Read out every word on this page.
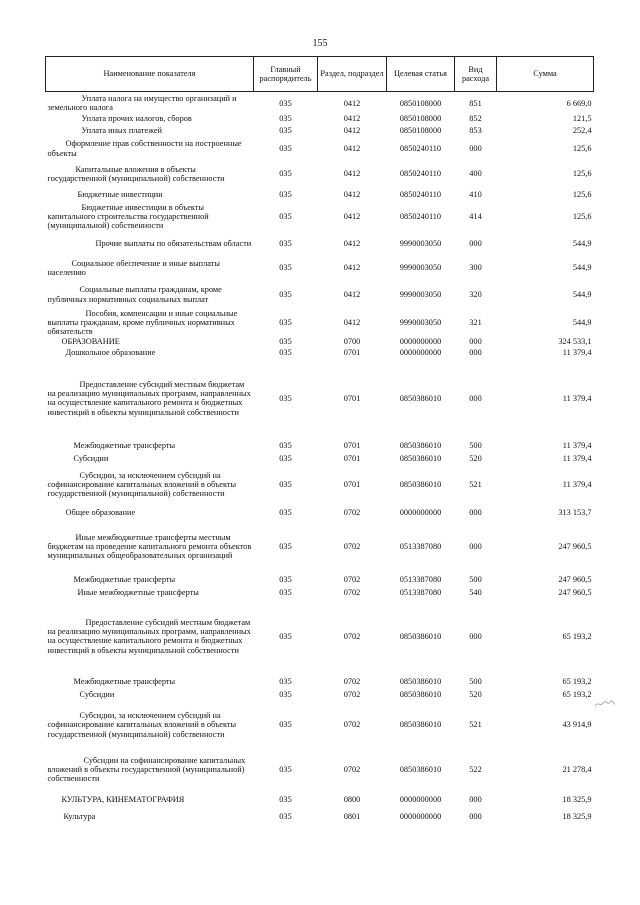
155
Наименование показателя	Главный распорядитель	Раздел, подраздел	Целевая статья	Вид расхода	Сумма
Уплата налога на имущество организаций и земельного налога	035	0412	0850108000	851	6 669,0
Уплата прочих налогов, сборов	035	0412	0850108000	852	121,5
Уплата иных платежей	035	0412	0850108000	853	252,4
Оформление прав собственности на построенные объекты	035	0412	0850240110	000	125,6
Капитальные вложения в объекты государственной (муниципальной) собственности	035	0412	0850240110	400	125,6
Бюджетные инвестиции	035	0412	0850240110	410	125,6
Бюджетные инвестиции в объекты капитального строительства государственной (муниципальной) собственности	035	0412	0850240110	414	125,6
Прочие выплаты по обязательствам области	035	0412	9990003050	000	544,9
Социальное обеспечение и иные выплаты населению	035	0412	9990003050	300	544,9
Социальные выплаты гражданам, кроме публичных нормативных социальных выплат	035	0412	9990003050	320	544,9
Пособия, компенсации и иные социальные выплаты гражданам, кроме публичных нормативных обязательств	035	0412	9990003050	321	544,9
ОБРАЗОВАНИЕ	035	0700	0000000000	000	324 533,1
Дошкольное образование	035	0701	0000000000	000	11 379,4
Предоставление субсидий местным бюджетам на реализацию муниципальных программ, направленных на осуществление капитального ремонта и бюджетных инвестиций в объекты муниципальной собственности	035	0701	0850386010	000	11 379,4
Межбюджетные трансферты	035	0701	0850386010	500	11 379,4
Субсидии	035	0701	0850386010	520	11 379,4
Субсидии, за исключением субсидий на софинансирование капитальных вложений в объекты государственной (муниципальной) собственности	035	0701	0850386010	521	11 379,4
Общее образование	035	0702	0000000000	000	313 153,7
Иные межбюджетные трансферты местным бюджетам на проведение капитального ремонта объектов муниципальных общеобразовательных организаций	035	0702	0513387080	000	247 960,5
Межбюджетные трансферты	035	0702	0513387080	500	247 960,5
Иные межбюджетные трансферты	035	0702	0513387080	540	247 960,5
Предоставление субсидий местным бюджетам на реализацию муниципальных программ, направленных на осуществление капитального ремонта и бюджетных инвестиций в объекты муниципальной собственности	035	0702	0850386010	000	65 193,2
Межбюджетные трансферты	035	0702	0850386010	500	65 193,2
Субсидии	035	0702	0850386010	520	65 193,2
Субсидии, за исключением субсидий на софинансирование капитальных вложений в объекты государственной (муниципальной) собственности	035	0702	0850386010	521	43 914,9
Субсидии на софинансирование капитальных вложений в объекты государственной (муниципальной) собственности	035	0702	0850386010	522	21 278,4
КУЛЬТУРА, КИНЕМАТОГРАФИЯ	035	0800	0000000000	000	18 325,9
Культура	035	0801	0000000000	000	18 325,9
